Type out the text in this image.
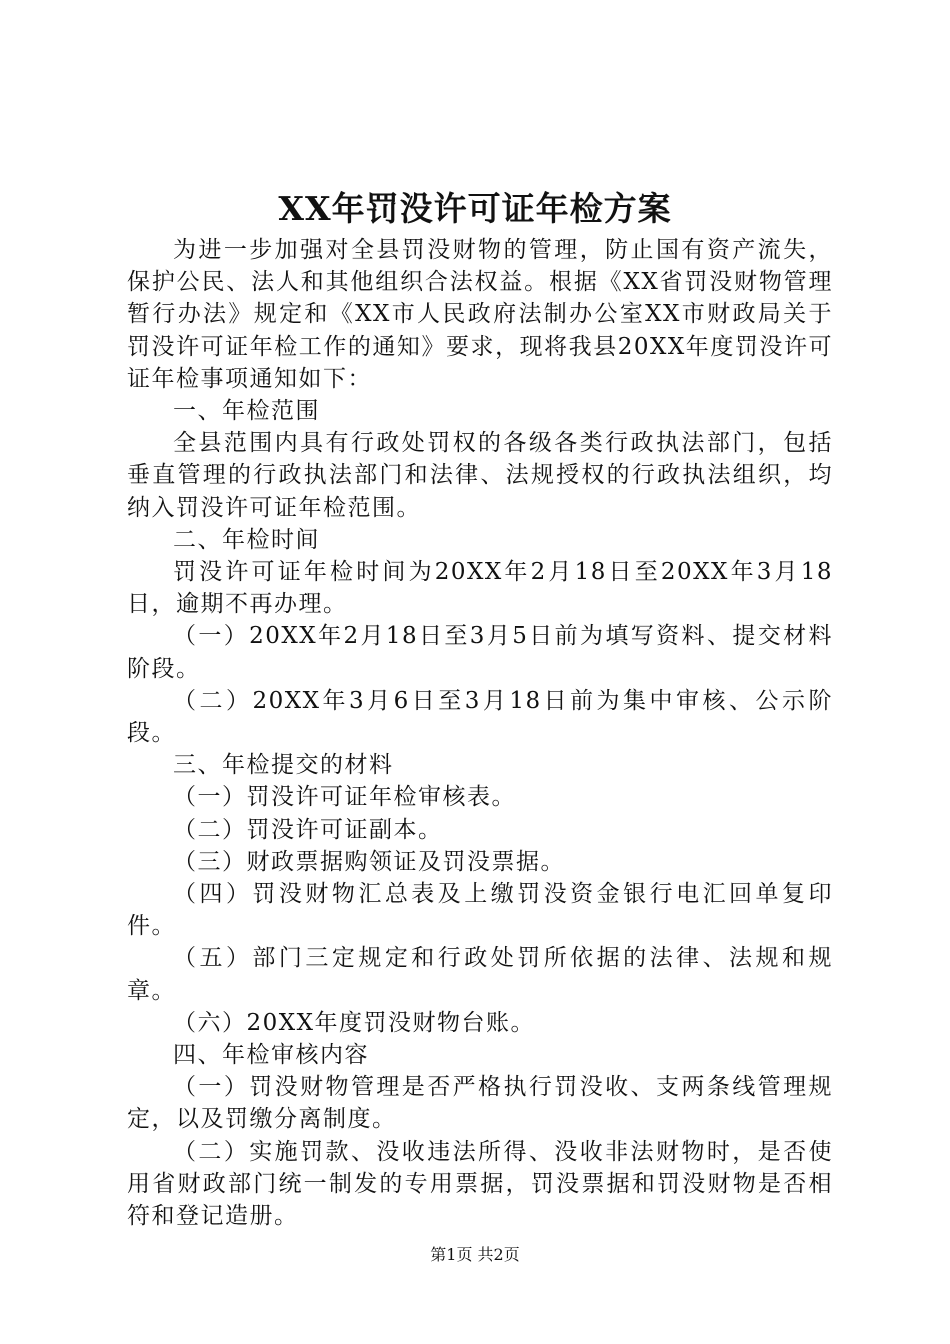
XX年罚没许可证年检方案

为进一步加强对全县罚没财物的管理，防止国有资产流失，保护公民、法人和其他组织合法权益。根据《XX省罚没财物管理暂行办法》规定和《XX市人民政府法制办公室XX市财政局关于罚没许可证年检工作的通知》要求，现将我县20XX年度罚没许可证年检事项通知如下：

一、年检范围

全县范围内具有行政处罚权的各级各类行政执法部门，包括垂直管理的行政执法部门和法律、法规授权的行政执法组织，均纳入罚没许可证年检范围。

二、年检时间

罚没许可证年检时间为20XX年2月18日至20XX年3月18日，逾期不再办理。

（一）20XX年2月18日至3月5日前为填写资料、提交材料阶段。

（二）20XX年3月6日至3月18日前为集中审核、公示阶段。

三、年检提交的材料

（一）罚没许可证年检审核表。

（二）罚没许可证副本。

（三）财政票据购领证及罚没票据。

（四）罚没财物汇总表及上缴罚没资金银行电汇回单复印件。

（五）部门三定规定和行政处罚所依据的法律、法规和规章。

（六）20XX年度罚没财物台账。

四、年检审核内容

（一）罚没财物管理是否严格执行罚没收、支两条线管理规定，以及罚缴分离制度。

（二）实施罚款、没收违法所得、没收非法财物时，是否使用省财政部门统一制发的专用票据，罚没票据和罚没财物是否相符和登记造册。

第1页 共2页
